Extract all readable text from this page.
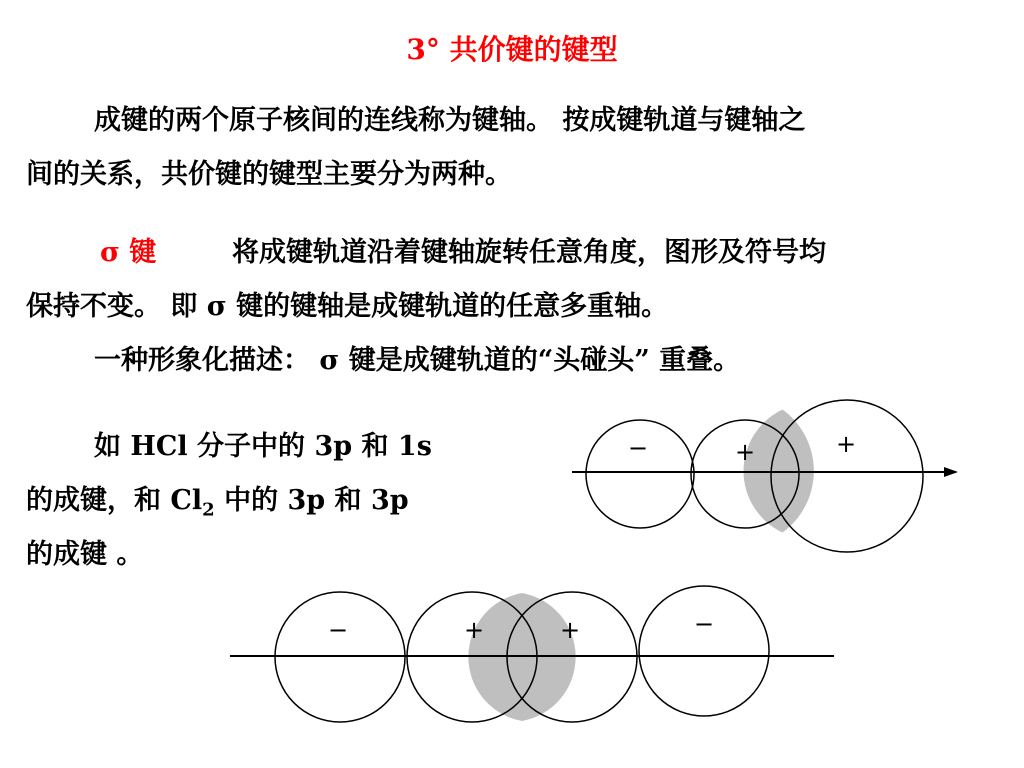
3° 共价键的键型
成键的两个原子核间的连线称为键轴。 按成键轨道与键轴之
间的关系，共价键的键型主要分为两种。
σ 键	将成键轨道沿着键轴旋转任意角度，图形及符号均
保持不变。 即 σ 键的键轴是成键轨道的任意多重轴。
一种形象化描述： σ 键是成键轨道的“头碰头” 重叠。
如 HCl 分子中的 3p 和 1s
的成键，和 $Cl_2$ 中的 3p 和 3p
的成键 。
−	+	+
−	+	+	−
